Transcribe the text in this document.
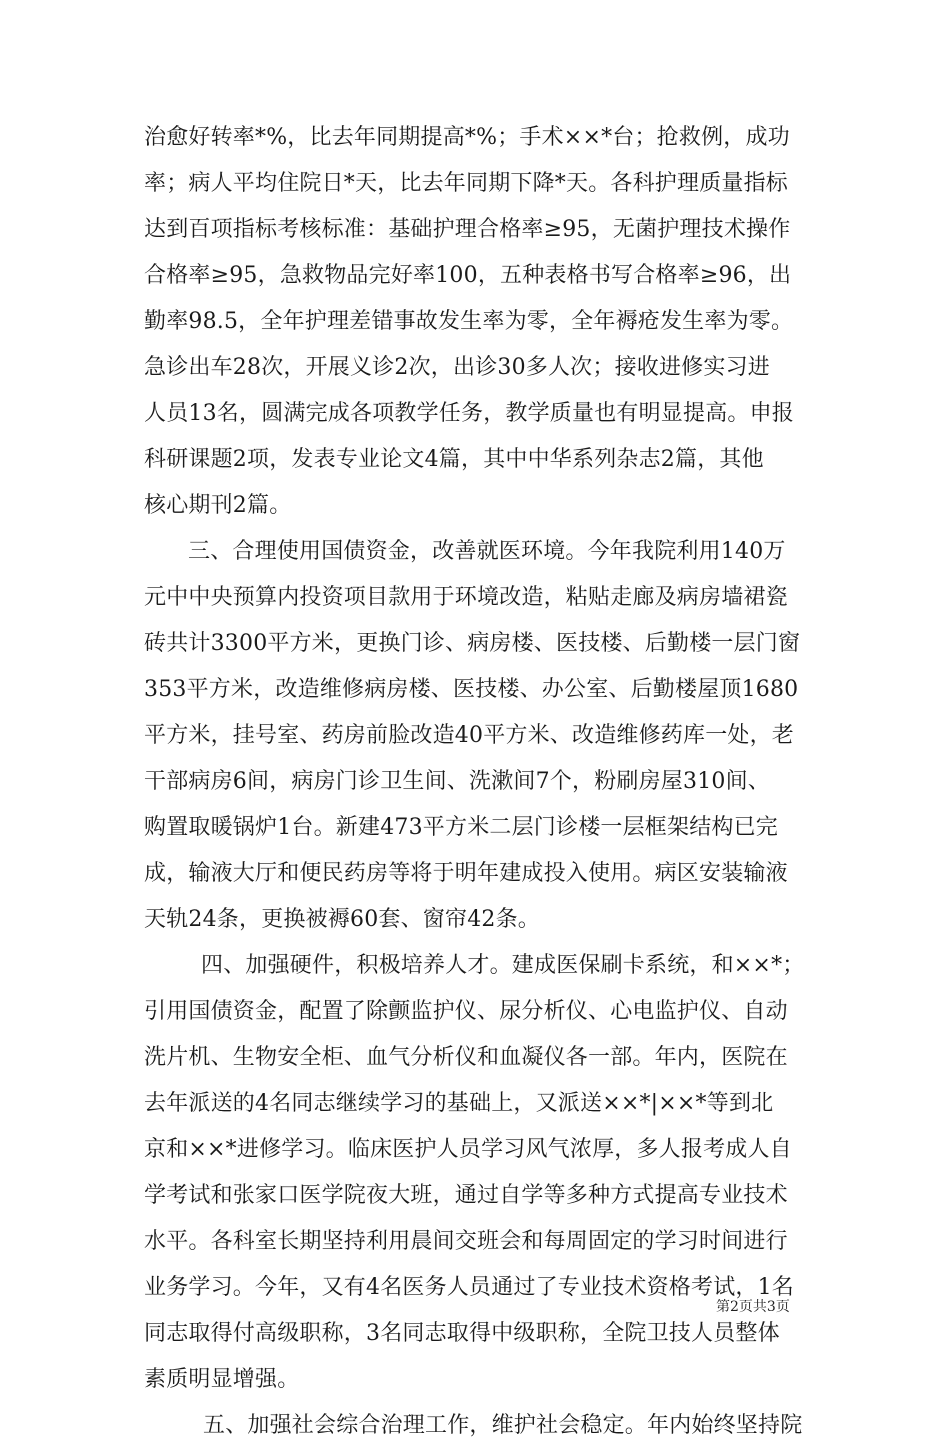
治愈好转率*%，比去年同期提高*%；手术××*台；抢救例，成功
率；病人平均住院日*天，比去年同期下降*天。各科护理质量指标
达到百项指标考核标准：基础护理合格率≥95，无菌护理技术操作
合格率≥95，急救物品完好率100，五种表格书写合格率≥96，出
勤率98.5，全年护理差错事故发生率为零，全年褥疮发生率为零。
急诊出车28次，开展义诊2次，出诊30多人次；接收进修实习进
人员13名，圆满完成各项教学任务，教学质量也有明显提高。申报
科研课题2项，发表专业论文4篇，其中中华系列杂志2篇，其他
核心期刊2篇。
三、合理使用国债资金，改善就医环境。今年我院利用140万
元中中央预算内投资项目款用于环境改造，粘贴走廊及病房墙裙瓷
砖共计3300平方米，更换门诊、病房楼、医技楼、后勤楼一层门窗
353平方米，改造维修病房楼、医技楼、办公室、后勤楼屋顶1680
平方米，挂号室、药房前脸改造40平方米、改造维修药库一处，老
干部病房6间，病房门诊卫生间、洗漱间7个，粉刷房屋310间、
购置取暖锅炉1台。新建473平方米二层门诊楼一层框架结构已完
成，输液大厅和便民药房等将于明年建成投入使用。病区安装输液
天轨24条，更换被褥60套、窗帘42条。
四、加强硬件，积极培养人才。建成医保刷卡系统，和××*；
引用国债资金，配置了除颤监护仪、尿分析仪、心电监护仪、自动
洗片机、生物安全柜、血气分析仪和血凝仪各一部。年内，医院在
去年派送的4名同志继续学习的基础上，又派送××*|××*等到北
京和××*进修学习。临床医护人员学习风气浓厚，多人报考成人自
学考试和张家口医学院夜大班，通过自学等多种方式提高专业技术
水平。各科室长期坚持利用晨间交班会和每周固定的学习时间进行
业务学习。今年，又有4名医务人员通过了专业技术资格考试，1名
同志取得付高级职称，3名同志取得中级职称，全院卫技人员整体
素质明显增强。
五、加强社会综合治理工作，维护社会稳定。年内始终坚持院
第2页共3页
